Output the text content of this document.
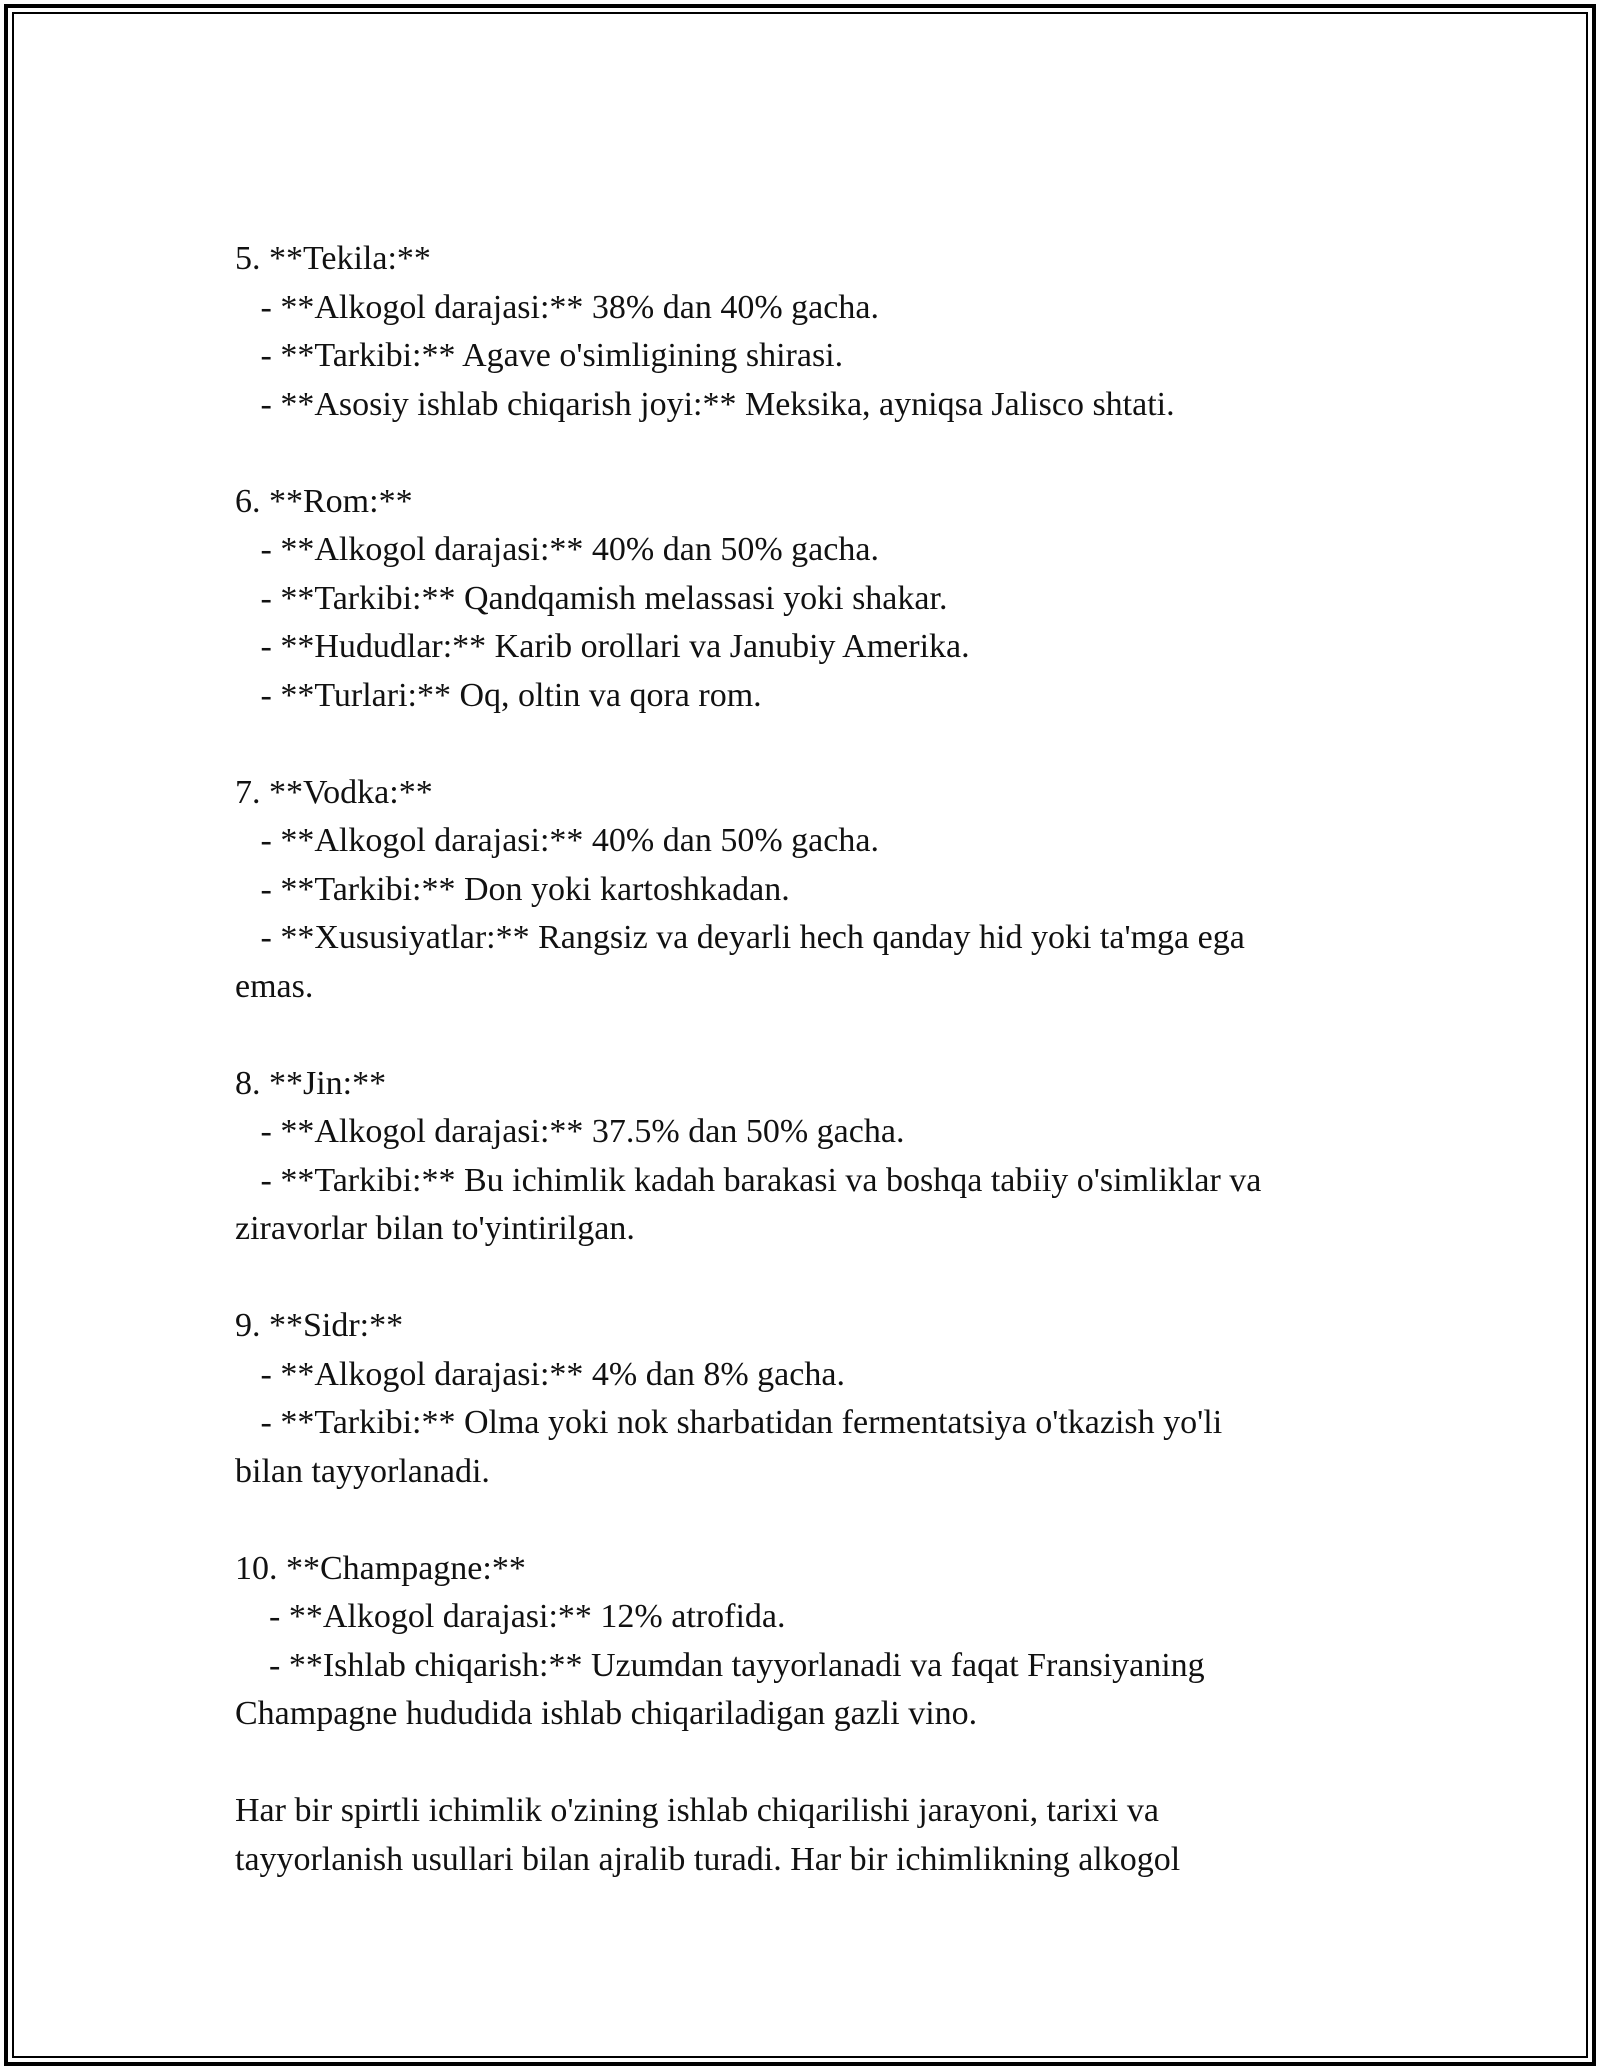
5. **Tekila:**
- **Alkogol darajasi:** 38% dan 40% gacha.
- **Tarkibi:** Agave o'simligining shirasi.
- **Asosiy ishlab chiqarish joyi:** Meksika, ayniqsa Jalisco shtati.
6. **Rom:**
- **Alkogol darajasi:** 40% dan 50% gacha.
- **Tarkibi:** Qandqamish melassasi yoki shakar.
- **Hududlar:** Karib orollari va Janubiy Amerika.
- **Turlari:** Oq, oltin va qora rom.
7. **Vodka:**
- **Alkogol darajasi:** 40% dan 50% gacha.
- **Tarkibi:** Don yoki kartoshkadan.
- **Xususiyatlar:** Rangsiz va deyarli hech qanday hid yoki ta'mga ega
emas.
8. **Jin:**
- **Alkogol darajasi:** 37.5% dan 50% gacha.
- **Tarkibi:** Bu ichimlik kadah barakasi va boshqa tabiiy o'simliklar va
ziravorlar bilan to'yintirilgan.
9. **Sidr:**
- **Alkogol darajasi:** 4% dan 8% gacha.
- **Tarkibi:** Olma yoki nok sharbatidan fermentatsiya o'tkazish yo'li
bilan tayyorlanadi.
10. **Champagne:**
- **Alkogol darajasi:** 12% atrofida.
- **Ishlab chiqarish:** Uzumdan tayyorlanadi va faqat Fransiyaning
Champagne hududida ishlab chiqariladigan gazli vino.
Har bir spirtli ichimlik o'zining ishlab chiqarilishi jarayoni, tarixi va
tayyorlanish usullari bilan ajralib turadi. Har bir ichimlikning alkogol
